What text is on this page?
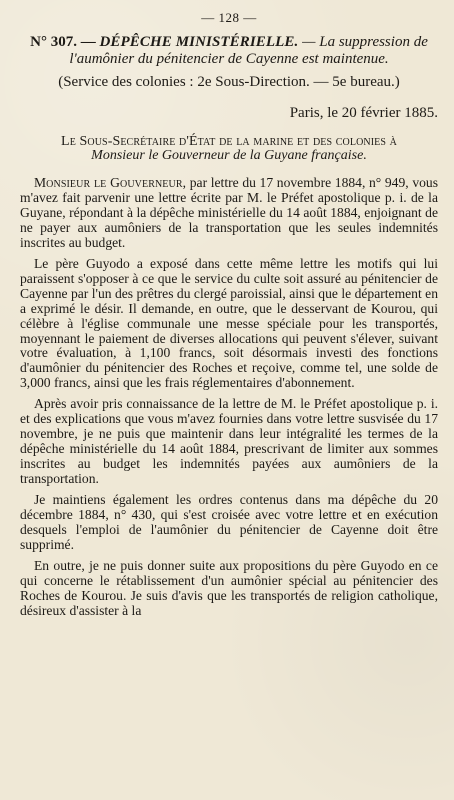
— 128 —
N° 307. — DÉPÊCHE MINISTÉRIELLE. — La suppression de l'aumônier du pénitencier de Cayenne est maintenue.
(Service des colonies : 2e Sous-Direction. — 5e bureau.)
Paris, le 20 février 1885.
Le Sous-Secrétaire d'État de la marine et des colonies à
Monsieur le Gouverneur de la Guyane française.

Monsieur le Gouverneur, par lettre du 17 novembre 1884, n° 949, vous m'avez fait parvenir une lettre écrite par M. le Préfet apostolique p. i. de la Guyane, répondant à la dépêche ministérielle du 14 août 1884, enjoignant de ne payer aux aumôniers de la transportation que les seules indemnités inscrites au budget.

Le père Guyodo a exposé dans cette même lettre les motifs qui lui paraissent s'opposer à ce que le service du culte soit assuré au pénitencier de Cayenne par l'un des prêtres du clergé paroissial, ainsi que le département en a exprimé le désir. Il demande, en outre, que le desservant de Kourou, qui célèbre à l'église communale une messe spéciale pour les transportés, moyennant le paiement de diverses allocations qui peuvent s'élever, suivant votre évaluation, à 1,100 francs, soit désormais investi des fonctions d'aumônier du pénitencier des Roches et reçoive, comme tel, une solde de 3,000 francs, ainsi que les frais réglementaires d'abonnement.

Après avoir pris connaissance de la lettre de M. le Préfet apostolique p. i. et des explications que vous m'avez fournies dans votre lettre susvisée du 17 novembre, je ne puis que maintenir dans leur intégralité les termes de la dépêche ministérielle du 14 août 1884, prescrivant de limiter aux sommes inscrites au budget les indemnités payées aux aumôniers de la transportation.

Je maintiens également les ordres contenus dans ma dépêche du 20 décembre 1884, n° 430, qui s'est croisée avec votre lettre et en exécution desquels l'emploi de l'aumônier du pénitencier de Cayenne doit être supprimé.

En outre, je ne puis donner suite aux propositions du père Guyodo en ce qui concerne le rétablissement d'un aumônier spécial au pénitencier des Roches de Kourou. Je suis d'avis que les transportés de religion catholique, désireux d'assister à la
